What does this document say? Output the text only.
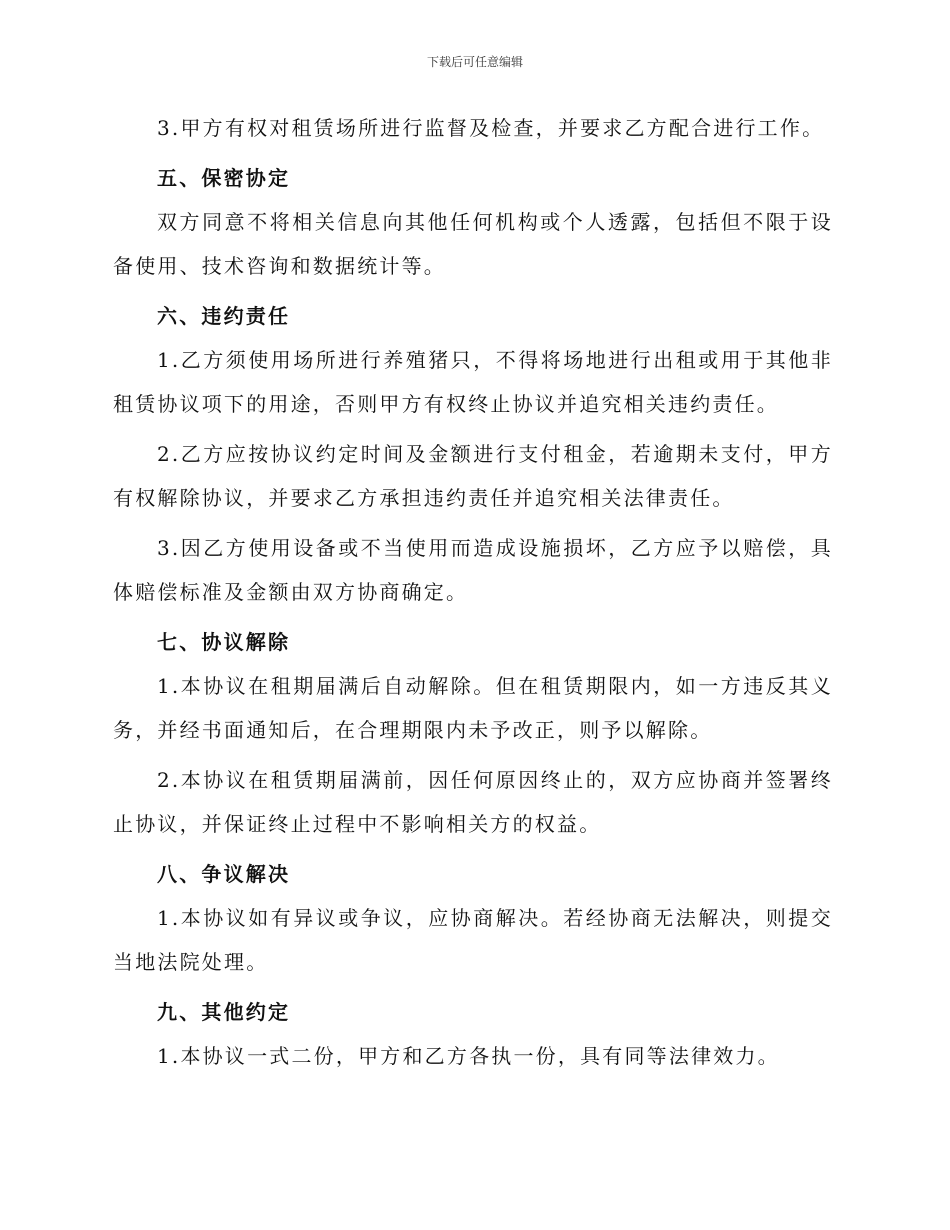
下载后可任意编辑

3.甲方有权对租赁场所进行监督及检查，并要求乙方配合进行工作。

五、保密协定

双方同意不将相关信息向其他任何机构或个人透露，包括但不限于设备使用、技术咨询和数据统计等。

六、违约责任

1.乙方须使用场所进行养殖猪只，不得将场地进行出租或用于其他非租赁协议项下的用途，否则甲方有权终止协议并追究相关违约责任。

2.乙方应按协议约定时间及金额进行支付租金，若逾期未支付，甲方有权解除协议，并要求乙方承担违约责任并追究相关法律责任。

3.因乙方使用设备或不当使用而造成设施损坏，乙方应予以赔偿，具体赔偿标准及金额由双方协商确定。

七、协议解除

1.本协议在租期届满后自动解除。但在租赁期限内，如一方违反其义务，并经书面通知后，在合理期限内未予改正，则予以解除。

2.本协议在租赁期届满前，因任何原因终止的，双方应协商并签署终止协议，并保证终止过程中不影响相关方的权益。

八、争议解决

1.本协议如有异议或争议，应协商解决。若经协商无法解决，则提交当地法院处理。

九、其他约定

1.本协议一式二份，甲方和乙方各执一份，具有同等法律效力。
